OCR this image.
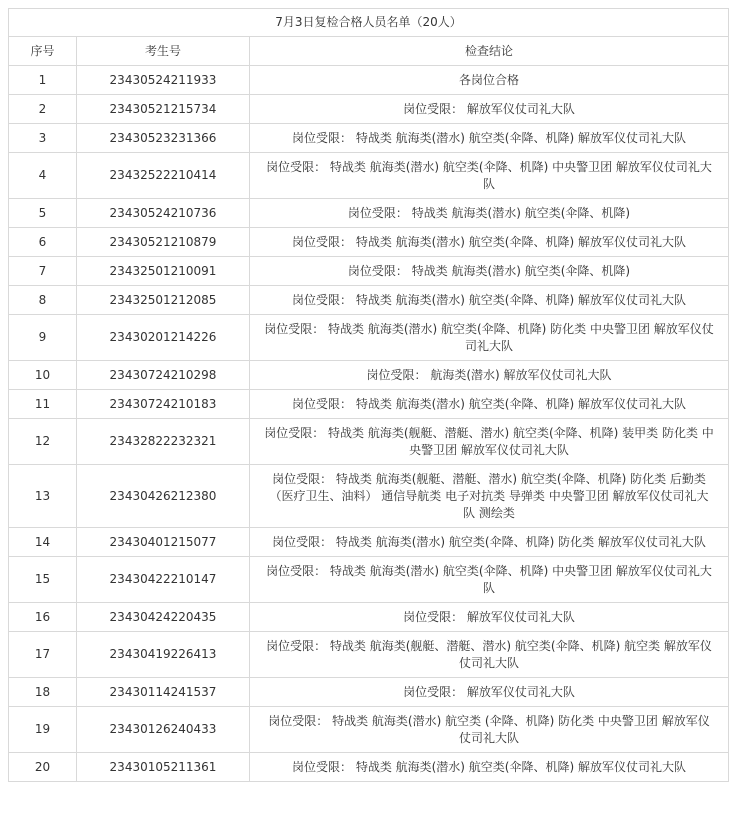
7月3日复检合格人员名单（20人）		
序号	考生号	检查结论
1	23430524211933	各岗位合格
2	23430521215734	岗位受限： 解放军仪仗司礼大队
3	23430523231366	岗位受限： 特战类 航海类(潜水) 航空类(伞降、机降) 解放军仪仗司礼大队
4	23432522210414	岗位受限： 特战类 航海类(潜水) 航空类(伞降、机降) 中央警卫团 解放军仪仗司礼大队
5	23430524210736	岗位受限： 特战类 航海类(潜水) 航空类(伞降、机降)
6	23430521210879	岗位受限： 特战类 航海类(潜水) 航空类(伞降、机降) 解放军仪仗司礼大队
7	23432501210091	岗位受限： 特战类 航海类(潜水) 航空类(伞降、机降)
8	23432501212085	岗位受限： 特战类 航海类(潜水) 航空类(伞降、机降) 解放军仪仗司礼大队
9	23430201214226	岗位受限： 特战类 航海类(潜水) 航空类(伞降、机降) 防化类 中央警卫团 解放军仪仗司礼大队
10	23430724210298	岗位受限： 航海类(潜水) 解放军仪仗司礼大队
11	23430724210183	岗位受限： 特战类 航海类(潜水) 航空类(伞降、机降) 解放军仪仗司礼大队
12	23432822232321	岗位受限： 特战类 航海类(舰艇、潜艇、潜水) 航空类(伞降、机降) 装甲类 防化类 中央警卫团 解放军仪仗司礼大队
13	23430426212380	岗位受限： 特战类 航海类(舰艇、潜艇、潜水) 航空类(伞降、机降) 防化类 后勤类（医疗卫生、油料） 通信导航类 电子对抗类 导弹类 中央警卫团 解放军仪仗司礼大队 测绘类
14	23430401215077	岗位受限： 特战类 航海类(潜水) 航空类(伞降、机降) 防化类 解放军仪仗司礼大队
15	23430422210147	岗位受限： 特战类 航海类(潜水) 航空类(伞降、机降) 中央警卫团 解放军仪仗司礼大队
16	23430424220435	岗位受限： 解放军仪仗司礼大队
17	23430419226413	岗位受限： 特战类 航海类(舰艇、潜艇、潜水) 航空类(伞降、机降) 航空类 解放军仪仗司礼大队
18	23430114241537	岗位受限： 解放军仪仗司礼大队
19	23430126240433	岗位受限： 特战类 航海类(潜水) 航空类 (伞降、机降) 防化类 中央警卫团 解放军仪仗司礼大队
20	23430105211361	岗位受限： 特战类 航海类(潜水) 航空类(伞降、机降) 解放军仪仗司礼大队
